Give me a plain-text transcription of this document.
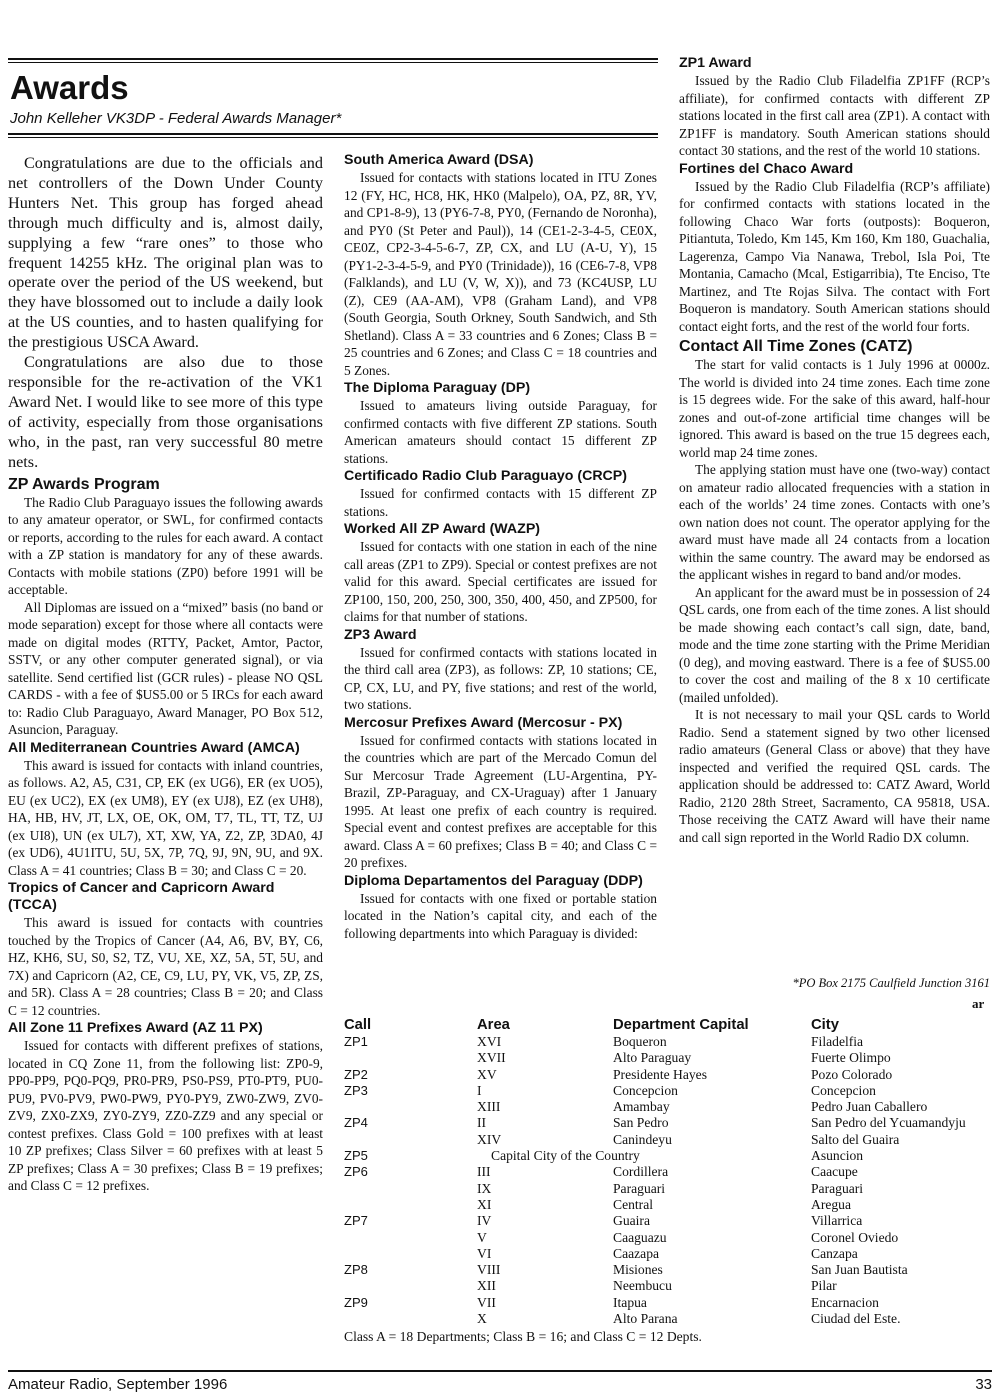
Awards
John Kelleher VK3DP - Federal Awards Manager*

Congratulations are due to the officials and net controllers of the Down Under County Hunters Net. This group has forged ahead through much difficulty and is, almost daily, supplying a few “rare ones” to those who frequent 14255 kHz. The original plan was to operate over the period of the US weekend, but they have blossomed out to include a daily look at the US counties, and to hasten qualifying for the prestigious USCA Award.

Congratulations are also due to those responsible for the re-activation of the VK1 Award Net. I would like to see more of this type of activity, especially from those organisations who, in the past, ran very successful 80 metre nets.

ZP Awards Program

The Radio Club Paraguayo issues the following awards to any amateur operator, or SWL, for confirmed contacts or reports, according to the rules for each award. A contact with a ZP station is mandatory for any of these awards. Contacts with mobile stations (ZP0) before 1991 will be acceptable.

All Diplomas are issued on a “mixed” basis (no band or mode separation) except for those where all contacts were made on digital modes (RTTY, Packet, Amtor, Pactor, SSTV, or any other computer generated signal), or via satellite. Send certified list (GCR rules) - please NO QSL CARDS - with a fee of $US5.00 or 5 IRCs for each award to: Radio Club Paraguayo, Award Manager, PO Box 512, Asuncion, Paraguay.

All Mediterranean Countries Award (AMCA)

This award is issued for contacts with inland countries, as follows. A2, A5, C31, CP, EK (ex UG6), ER (ex UO5), EU (ex UC2), EX (ex UM8), EY (ex UJ8), EZ (ex UH8), HA, HB, HV, JT, LX, OE, OK, OM, T7, TL, TT, TZ, UJ (ex UI8), UN (ex UL7), XT, XW, YA, Z2, ZP, 3DA0, 4J (ex UD6), 4U1ITU, 5U, 5X, 7P, 7Q, 9J, 9N, 9U, and 9X. Class A = 41 countries; Class B = 30; and Class C = 20.

Tropics of Cancer and Capricorn Award (TCCA)

This award is issued for contacts with countries touched by the Tropics of Cancer (A4, A6, BV, BY, C6, HZ, KH6, SU, S0, S2, TZ, VU, XE, XZ, 5A, 5T, 5U, and 7X) and Capricorn (A2, CE, C9, LU, PY, VK, V5, ZP, ZS, and 5R). Class A = 28 countries; Class B = 20; and Class C = 12 countries.

All Zone 11 Prefixes Award (AZ 11 PX)

Issued for contacts with different prefixes of stations, located in CQ Zone 11, from the following list: ZP0-9, PP0-PP9, PQ0-PQ9, PR0-PR9, PS0-PS9, PT0-PT9, PU0-PU9, PV0-PV9, PW0-PW9, PY0-PY9, ZW0-ZW9, ZV0-ZV9, ZX0-ZX9, ZY0-ZY9, ZZ0-ZZ9 and any special or contest prefixes. Class Gold = 100 prefixes with at least 10 ZP prefixes; Class Silver = 60 prefixes with at least 5 ZP prefixes; Class A = 30 prefixes; Class B = 19 prefixes; and Class C = 12 prefixes.

South America Award (DSA)

Issued for contacts with stations located in ITU Zones 12 (FY, HC, HC8, HK, HK0 (Malpelo), OA, PZ, 8R, YV, and CP1-8-9), 13 (PY6-7-8, PY0, (Fernando de Noronha), and PY0 (St Peter and Paul)), 14 (CE1-2-3-4-5, CE0X, CE0Z, CP2-3-4-5-6-7, ZP, CX, and LU (A-U, Y), 15 (PY1-2-3-4-5-9, and PY0 (Trinidade)), 16 (CE6-7-8, VP8 (Falklands), and LU (V, W, X)), and 73 (KC4USP, LU (Z), CE9 (AA-AM), VP8 (Graham Land), and VP8 (South Georgia, South Orkney, South Sandwich, and Sth Shetland). Class A = 33 countries and 6 Zones; Class B = 25 countries and 6 Zones; and Class C = 18 countries and 5 Zones.

The Diploma Paraguay (DP)

Issued to amateurs living outside Paraguay, for confirmed contacts with five different ZP stations. South American amateurs should contact 15 different ZP stations.

Certificado Radio Club Paraguayo (CRCP)

Issued for confirmed contacts with 15 different ZP stations.

Worked All ZP Award (WAZP)

Issued for contacts with one station in each of the nine call areas (ZP1 to ZP9). Special or contest prefixes are not valid for this award. Special certificates are issued for ZP100, 150, 200, 250, 300, 350, 400, 450, and ZP500, for claims for that number of stations.

ZP3 Award

Issued for confirmed contacts with stations located in the third call area (ZP3), as follows: ZP, 10 stations; CE, CP, CX, LU, and PY, five stations; and rest of the world, two stations.

Mercosur Prefixes Award (Mercosur - PX)

Issued for confirmed contacts with stations located in the countries which are part of the Mercado Comun del Sur Mercosur Trade Agreement (LU-Argentina, PY-Brazil, ZP-Paraguay, and CX-Uraguay) after 1 January 1995. At least one prefix of each country is required. Special event and contest prefixes are acceptable for this award. Class A = 60 prefixes; Class B = 40; and Class C = 20 prefixes.

Diploma Departamentos del Paraguay (DDP)

Issued for contacts with one fixed or portable station located in the Nation’s capital city, and each of the following departments into which Paraguay is divided:

ZP1 Award

Issued by the Radio Club Filadelfia ZP1FF (RCP’s affiliate), for confirmed contacts with different ZP stations located in the first call area (ZP1). A contact with ZP1FF is mandatory. South American stations should contact 30 stations, and the rest of the world 10 stations.

Fortines del Chaco Award

Issued by the Radio Club Filadelfia (RCP’s affiliate) for confirmed contacts with stations located in the following Chaco War forts (outposts): Boqueron, Pitiantuta, Toledo, Km 145, Km 160, Km 180, Guachalia, Lagerenza, Campo Via Nanawa, Trebol, Isla Poi, Tte Montania, Camacho (Mcal, Estigarribia), Tte Enciso, Tte Martinez, and Tte Rojas Silva. The contact with Fort Boqueron is mandatory. South American stations should contact eight forts, and the rest of the world four forts.

Contact All Time Zones (CATZ)

The start for valid contacts is 1 July 1996 at 0000z. The world is divided into 24 time zones. Each time zone is 15 degrees wide. For the sake of this award, half-hour zones and out-of-zone artificial time changes will be ignored. This award is based on the true 15 degrees each, world map 24 time zones.

The applying station must have one (two-way) contact on amateur radio allocated frequencies with a station in each of the worlds’ 24 time zones. Contacts with one’s own nation does not count. The operator applying for the award must have made all 24 contacts from a location within the same country. The award may be endorsed as the applicant wishes in regard to band and/or modes.

An applicant for the award must be in possession of 24 QSL cards, one from each of the time zones. A list should be made showing each contact’s call sign, date, band, mode and the time zone starting with the Prime Meridian (0 deg), and moving eastward. There is a fee of $US5.00 to cover the cost and mailing of the 8 x 10 certificate (mailed unfolded).

It is not necessary to mail your QSL cards to World Radio. Send a statement signed by two other licensed radio amateurs (General Class or above) that they have inspected and verified the required QSL cards. The application should be addressed to: CATZ Award, World Radio, 2120 28th Street, Sacramento, CA 95818, USA. Those receiving the CATZ Award will have their name and call sign reported in the World Radio DX column.

*PO Box 2175 Caulfield Junction 3161
ar
Call	Area	Department Capital	City
ZP1	XVI	Boqueron	Filadelfia
	XVII	Alto Paraguay	Fuerte Olimpo
ZP2	XV	Presidente Hayes	Pozo Colorado
ZP3	I	Concepcion	Concepcion
	XIII	Amambay	Pedro Juan Caballero
ZP4	II	San Pedro	San Pedro del Ycuamandyju
	XIV	Canindeyu	Salto del Guaira
ZP5	Capital City of the Country		Asuncion
ZP6	III	Cordillera	Caacupe
	IX	Paraguari	Paraguari
	XI	Central	Aregua
ZP7	IV	Guaira	Villarrica
	V	Caaguazu	Coronel Oviedo
	VI	Caazapa	Canzapa
ZP8	VIII	Misiones	San Juan Bautista
	XII	Neembucu	Pilar
ZP9	VII	Itapua	Encarnacion
	X	Alto Parana	Ciudad del Este.
Class A = 18 Departments; Class B = 16; and Class C = 12 Depts.
Amateur Radio, September 1996	33
